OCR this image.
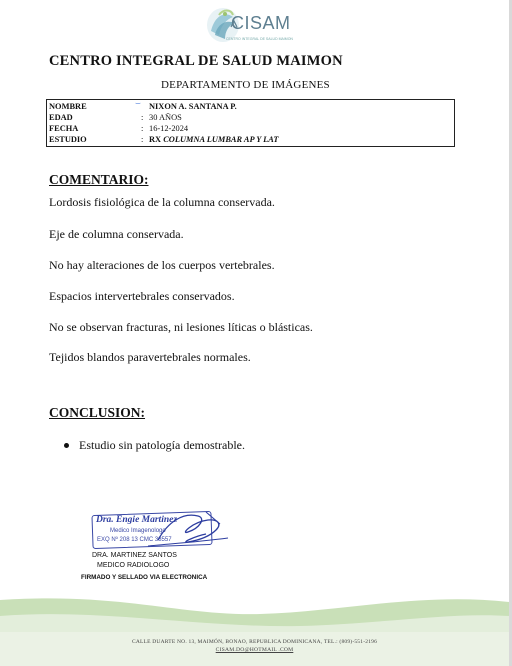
CISAM
CENTRO INTEGRAL DE SALUD MAIMON
CENTRO INTEGRAL DE SALUD MAIMON
DEPARTAMENTO DE IMÁGENES
NOMBRE	⌣ NIXON A. SANTANA P.
EDAD	: 30 AÑOS
FECHA	: 16-12-2024
ESTUDIO	: RX COLUMNA LUMBAR AP Y LAT
COMENTARIO:
Lordosis fisiológica de la columna conservada.
Eje de columna conservada.
No hay alteraciones de los cuerpos vertebrales.
Espacios intervertebrales conservados.
No se observan fracturas, ni lesiones líticas o blásticas.
Tejidos blandos paravertebrales normales.
CONCLUSION:
Estudio sin patología demostrable.
Dra. Engie Martinez
Medico Imagenologo
EXQ Nº 208 13 CMC 38557
DRA. MARTINEZ SANTOS
MEDICO RADIOLOGO
FIRMADO Y SELLADO VIA ELECTRONICA
CALLE DUARTE NO. 13, MAIMÓN, BONAO, REPUBLICA DOMINICANA, TEL.: (809)-551-2196
CISAM.DO@HOTMAIL .COM
